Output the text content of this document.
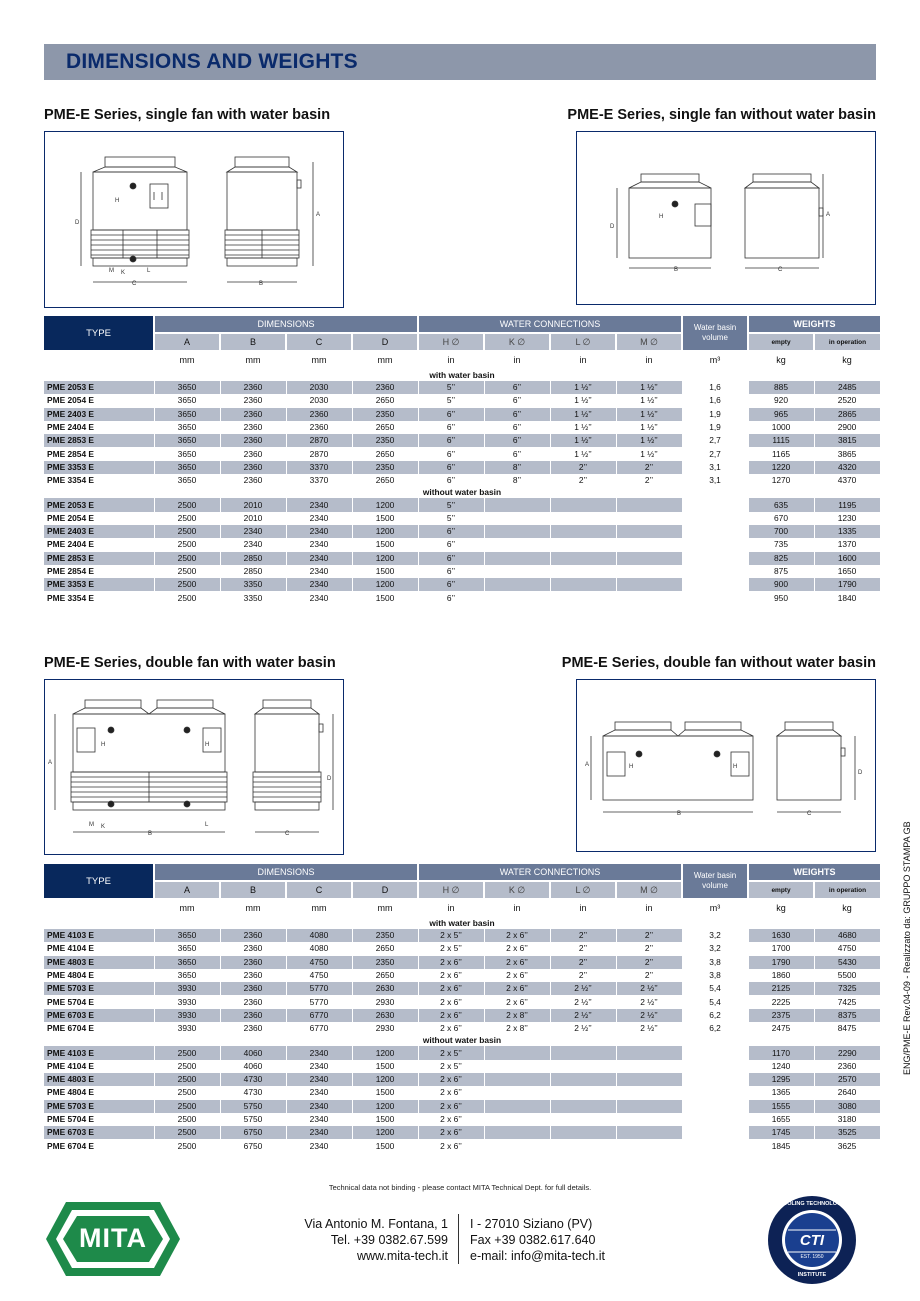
DIMENSIONS AND WEIGHTS
PME-E Series, single fan with water basin	PME-E Series, single fan without water basin
H
D
C
M K	L
A
B
H
D
B
A
C
TYPE	DIMENSIONS				WATER CONNECTIONS				Water basin volume	WEIGHTS	
	A	B	C	D	H ∅	K ∅	L ∅	M ∅		empty	in operation
	mm	mm	mm	mm	in	in	in	in	m³	kg	kg
with water basin											
PME 2053 E	3650	2360	2030	2360	5’’	6’’	1 ½’’	1 ½’’	1,6	885	2485
PME 2054 E	3650	2360	2030	2650	5’’	6’’	1 ½’’	1 ½’’	1,6	920	2520
PME 2403 E	3650	2360	2360	2350	6’’	6’’	1 ½’’	1 ½’’	1,9	965	2865
PME 2404 E	3650	2360	2360	2650	6’’	6’’	1 ½’’	1 ½’’	1,9	1000	2900
PME 2853 E	3650	2360	2870	2350	6’’	6’’	1 ½’’	1 ½’’	2,7	1115	3815
PME 2854 E	3650	2360	2870	2650	6’’	6’’	1 ½’’	1 ½’’	2,7	1165	3865
PME 3353 E	3650	2360	3370	2350	6’’	8’’	2’’	2’’	3,1	1220	4320
PME 3354 E	3650	2360	3370	2650	6’’	8’’	2’’	2’’	3,1	1270	4370
without water basin											
PME 2053 E	2500	2010	2340	1200	5’’					635	1195
PME 2054 E	2500	2010	2340	1500	5’’					670	1230
PME 2403 E	2500	2340	2340	1200	6’’					700	1335
PME 2404 E	2500	2340	2340	1500	6’’					735	1370
PME 2853 E	2500	2850	2340	1200	6’’					825	1600
PME 2854 E	2500	2850	2340	1500	6’’					875	1650
PME 3353 E	2500	3350	2340	1200	6’’					900	1790
PME 3354 E	2500	3350	2340	1500	6’’					950	1840
PME-E Series, double fan with water basin	PME-E Series, double fan without water basin
H	H
A
B	C
D
M K	L
H	H
A
B	C
D
TYPE	DIMENSIONS				WATER CONNECTIONS				Water basin volume	WEIGHTS	
	A	B	C	D	H ∅	K ∅	L ∅	M ∅		empty	in operation
	mm	mm	mm	mm	in	in	in	in	m³	kg	kg
with water basin											
PME 4103 E	3650	2360	4080	2350	2 x 5’’	2 x 6’’	2’’	2’’	3,2	1630	4680
PME 4104 E	3650	2360	4080	2650	2 x 5’’	2 x 6’’	2’’	2’’	3,2	1700	4750
PME 4803 E	3650	2360	4750	2350	2 x 6’’	2 x 6’’	2’’	2’’	3,8	1790	5430
PME 4804 E	3650	2360	4750	2650	2 x 6’’	2 x 6’’	2’’	2’’	3,8	1860	5500
PME 5703 E	3930	2360	5770	2630	2 x 6’’	2 x 6’’	2 ½’’	2 ½’’	5,4	2125	7325
PME 5704 E	3930	2360	5770	2930	2 x 6’’	2 x 6’’	2 ½’’	2 ½’’	5,4	2225	7425
PME 6703 E	3930	2360	6770	2630	2 x 6’’	2 x 8’’	2 ½’’	2 ½’’	6,2	2375	8375
PME 6704 E	3930	2360	6770	2930	2 x 6’’	2 x 8’’	2 ½’’	2 ½’’	6,2	2475	8475
without water basin											
PME 4103 E	2500	4060	2340	1200	2 x 5’’					1170	2290
PME 4104 E	2500	4060	2340	1500	2 x 5’’					1240	2360
PME 4803 E	2500	4730	2340	1200	2 x 6’’					1295	2570
PME 4804 E	2500	4730	2340	1500	2 x 6’’					1365	2640
PME 5703 E	2500	5750	2340	1200	2 x 6’’					1555	3080
PME 5704 E	2500	5750	2340	1500	2 x 6’’					1655	3180
PME 6703 E	2500	6750	2340	1200	2 x 6’’					1745	3525
PME 6704 E	2500	6750	2340	1500	2 x 6’’					1845	3625
Technical data not binding - please contact MITA Technical Dept. for full details.
MITA	Via Antonio M. Fontana, 1
Tel. +39 0382.67.599
www.mita-tech.it
I - 27010 Siziano (PV)
Fax +39 0382.617.640
e-mail: info@mita-tech.it
COOLING TECHNOLOGY
CTI
EST. 1950
INSTITUTE
ENG/PME-E Rev.04-09 - Realizzato da: GRUPPO STAMPA GB
